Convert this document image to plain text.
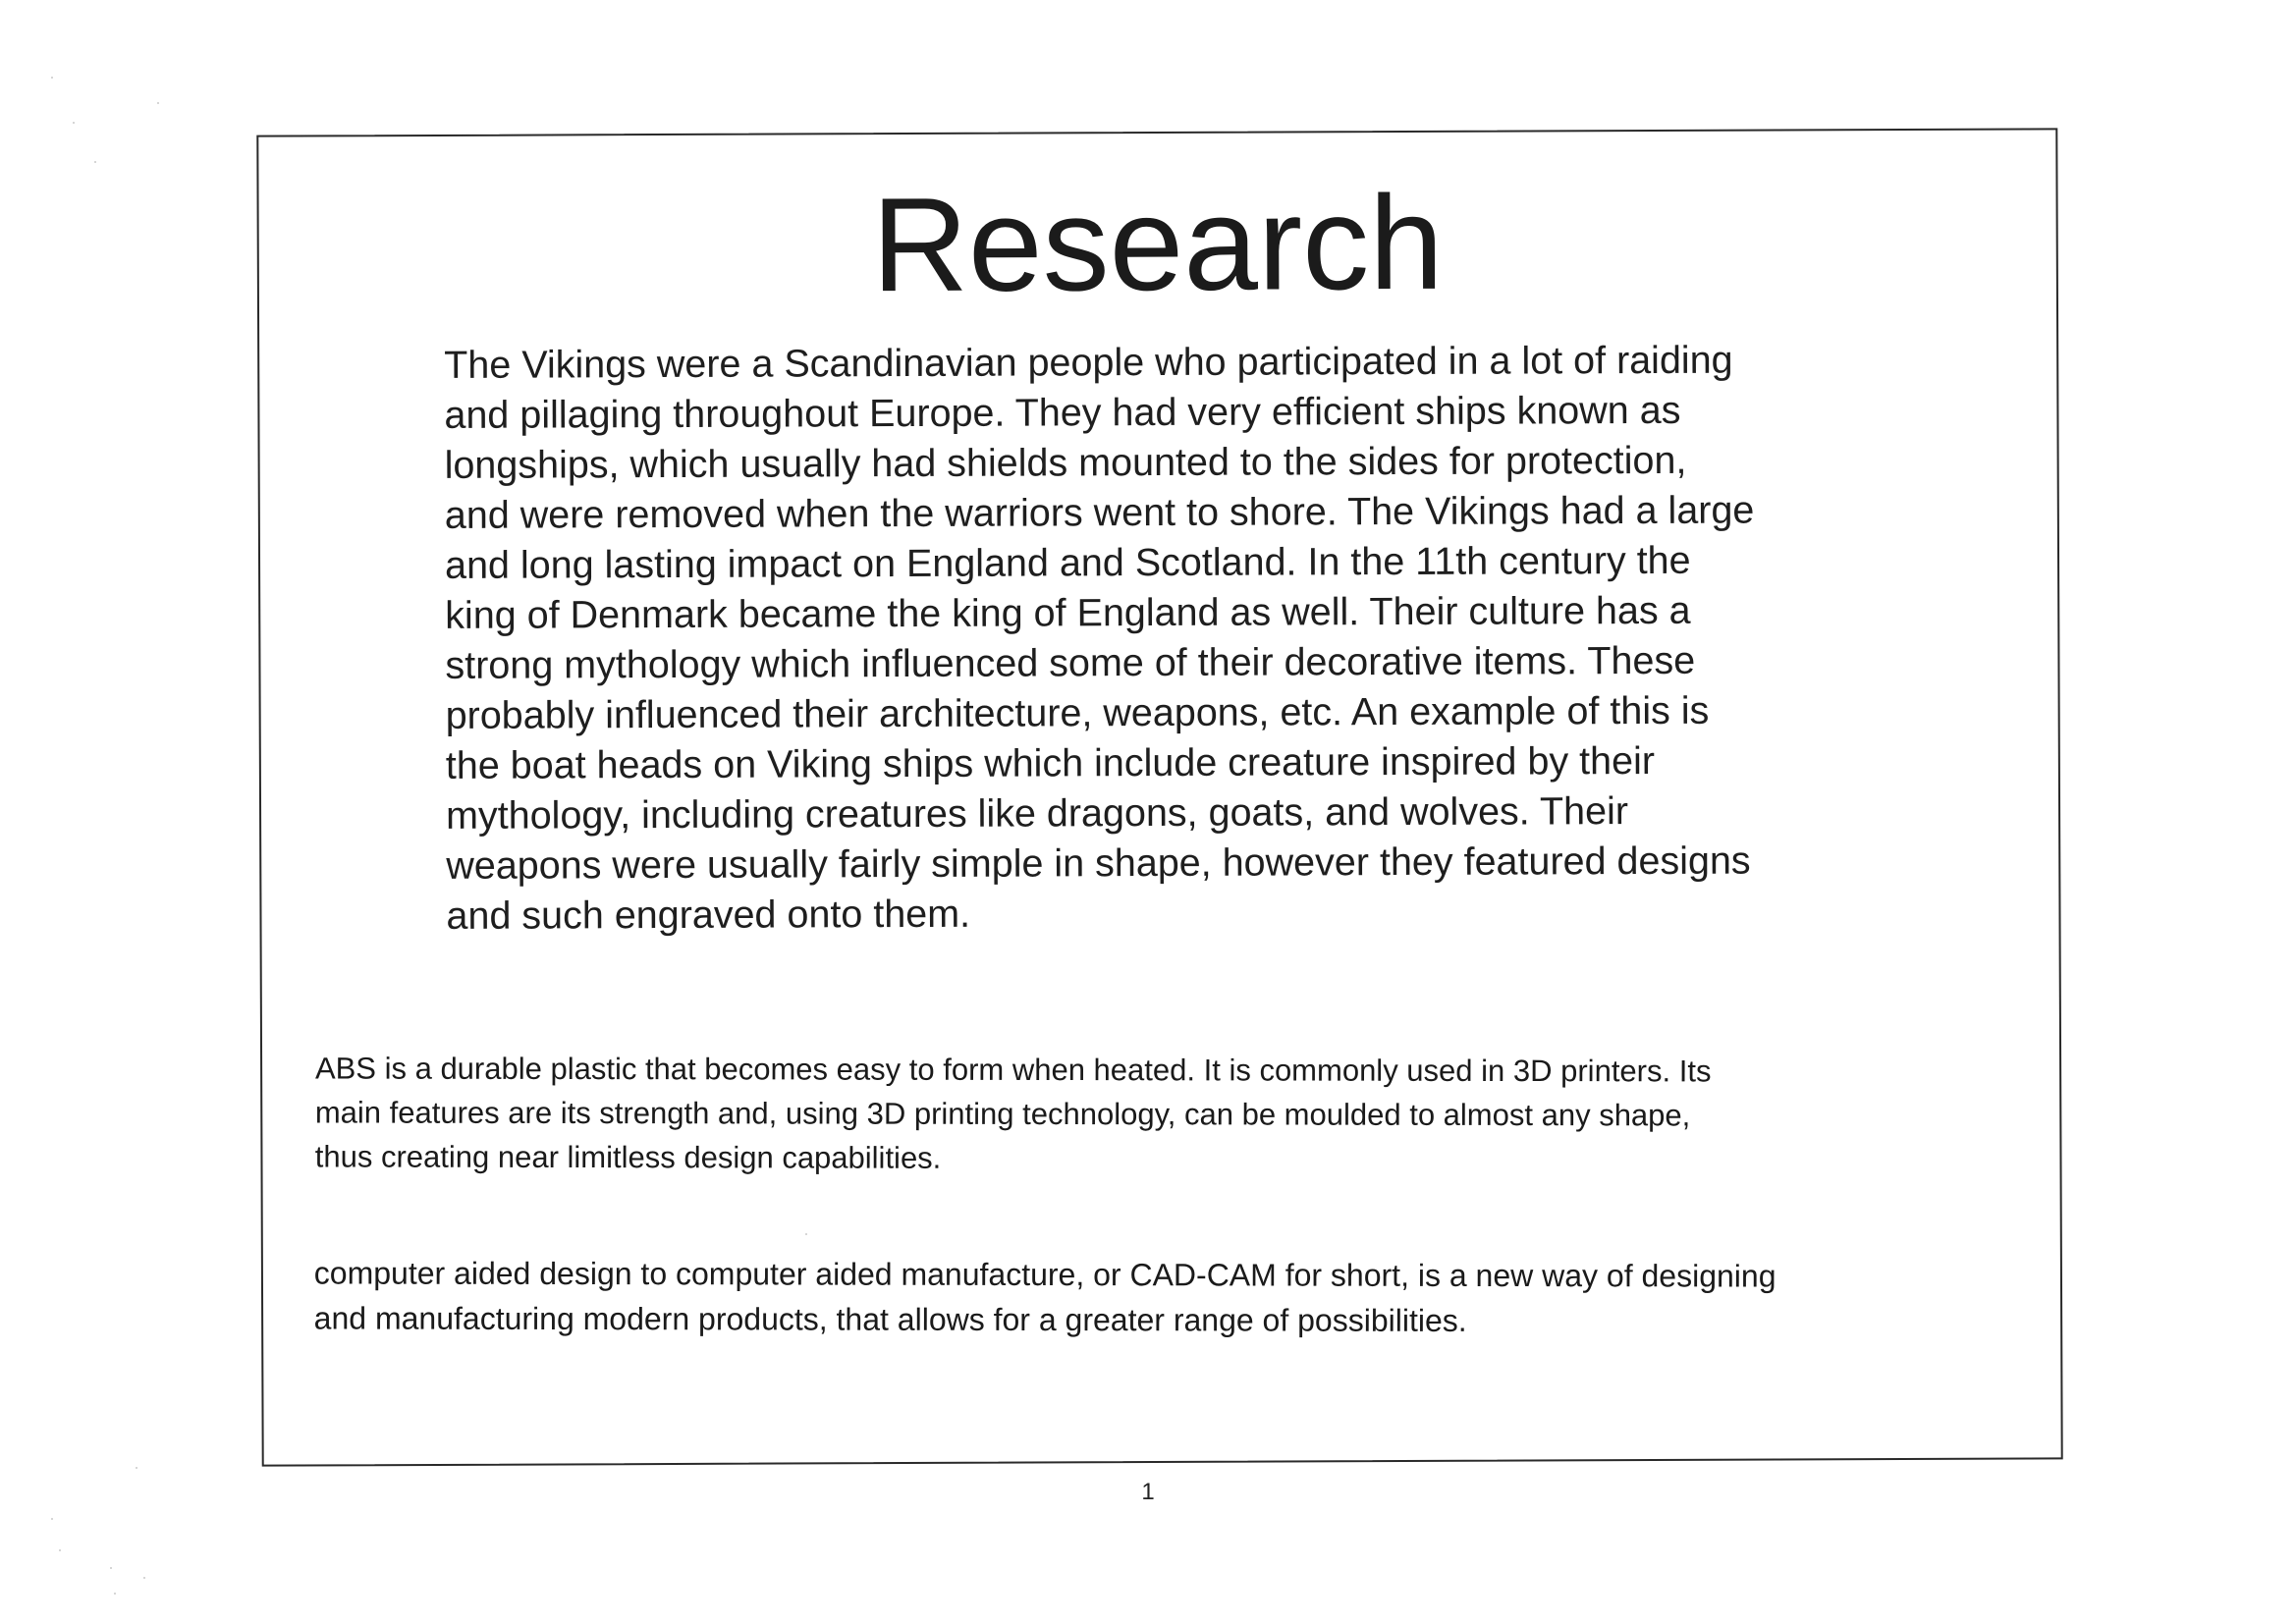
Research
The Vikings were a Scandinavian people who participated in a lot of raiding
and pillaging throughout Europe. They had very efficient ships known as
longships, which usually had shields mounted to the sides for protection,
and were removed when the warriors went to shore. The Vikings had a large
and long lasting impact on England and Scotland. In the 11th century the
king of Denmark became the king of England as well. Their culture has a
strong mythology which influenced some of their decorative items. These
probably influenced their architecture, weapons, etc. An example of this is
the boat heads on Viking ships which include creature inspired by their
mythology, including creatures like dragons, goats, and wolves. Their
weapons were usually fairly simple in shape, however they featured designs
and such engraved onto them.
ABS is a durable plastic that becomes easy to form when heated. It is commonly used in 3D printers. Its
main features are its strength and, using 3D printing technology, can be moulded to almost any shape,
thus creating near limitless design capabilities.
computer aided design to computer aided manufacture, or CAD-CAM for short, is a new way of designing
and manufacturing modern products, that allows for a greater range of possibilities.
1
